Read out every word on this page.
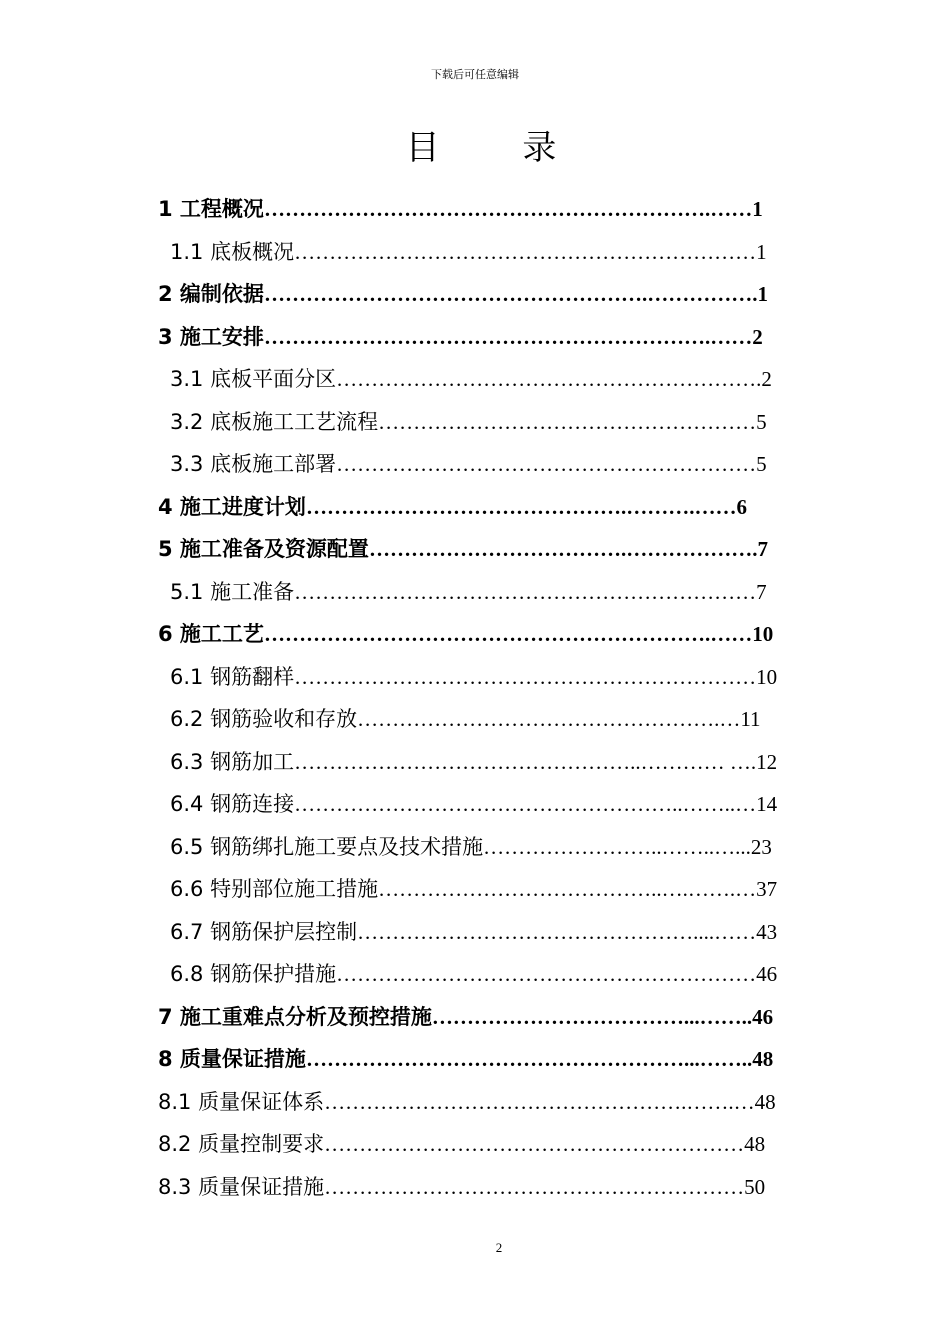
下载后可任意编辑
目 录
1 工程概况……………………………………………………….……1
1.1 底板概况…………………………………………………………1
2 编制依据……………………………………………….…………….1
3 施工安排……………………………………………………….……2
3.1 底板平面分区…………………………………………………….2
3.2 底板施工工艺流程………………………………………………5
3.3 底板施工部署……………………………………………………5
4 施工进度计划……………………………………….……….……6
5 施工准备及资源配置……………………………….……………….7
5.1 施工准备…………………………………………………………7
6 施工工艺……………………………………………………….……10
6.1 钢筋翻样…………………………………………………………10
6.2 钢筋验收和存放…………………………………………….…11
6.3 钢筋加工…………………………………………..………… ….12
6.4 钢筋连接………………………………………………..……..…14
6.5 钢筋绑扎施工要点及技术措施……………………..……..…...23
6.6 特别部位施工措施…………………………………..….…….…37
6.7 钢筋保护层控制…………………………………………....……43
6.8 钢筋保护措施……………………………………………………46
7 施工重难点分析及预控措施………………………………...……..46
8 质量保证措施………………………………………………...……..48
8.1 质量保证体系…………………………………………….…….…48
8.2 质量控制要求……………………………………………………48
8.3 质量保证措施……………………………………………………50
2
